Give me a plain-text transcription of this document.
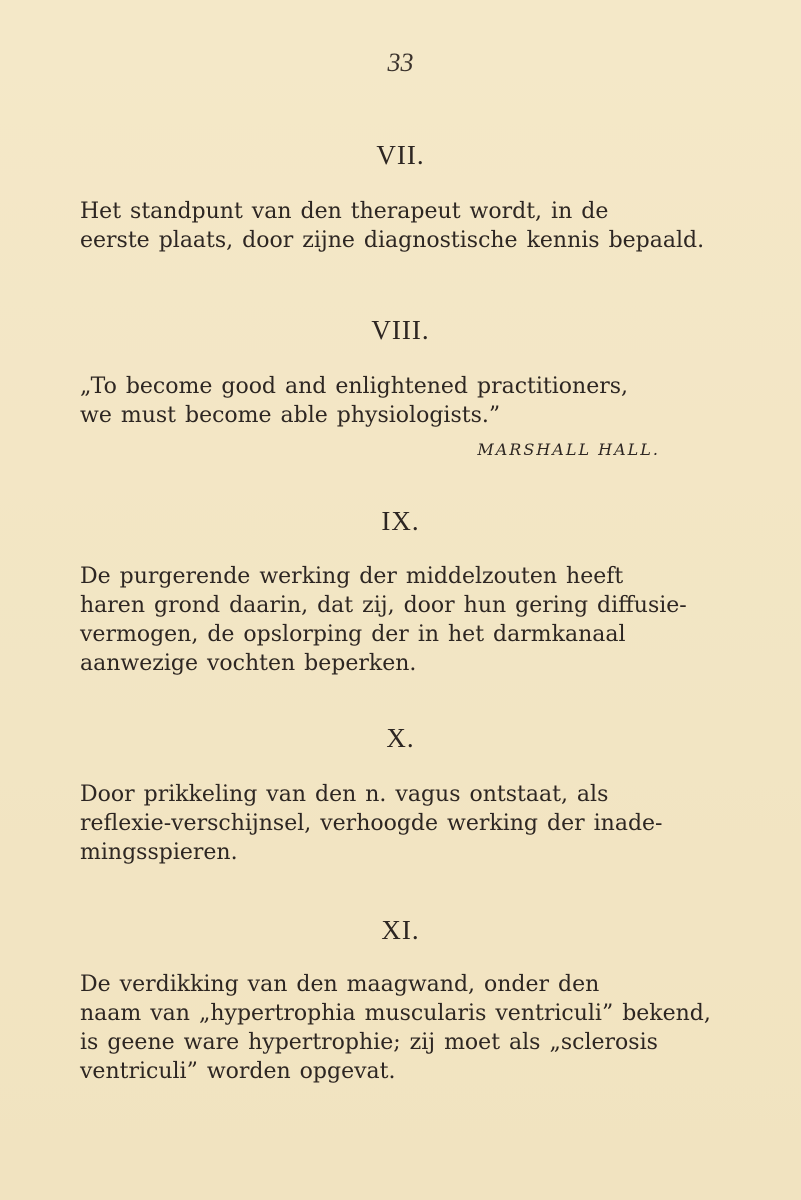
33
VII.
Het standpunt van den therapeut wordt, in de
eerste plaats, door zijne diagnostische kennis bepaald.
VIII.
„To become good and enlightened practitioners,
we must become able physiologists.”
MARSHALL HALL.
IX.
De purgerende werking der middelzouten heeft
haren grond daarin, dat zij, door hun gering diffusie-
vermogen, de opslorping der in het darmkanaal
aanwezige vochten beperken.
X.
Door prikkeling van den n. vagus ontstaat, als
reflexie-verschijnsel, verhoogde werking der inade-
mingsspieren.
XI.
De verdikking van den maagwand, onder den
naam van „hypertrophia muscularis ventriculi” bekend,
is geene ware hypertrophie; zij moet als „sclerosis
ventriculi” worden opgevat.
